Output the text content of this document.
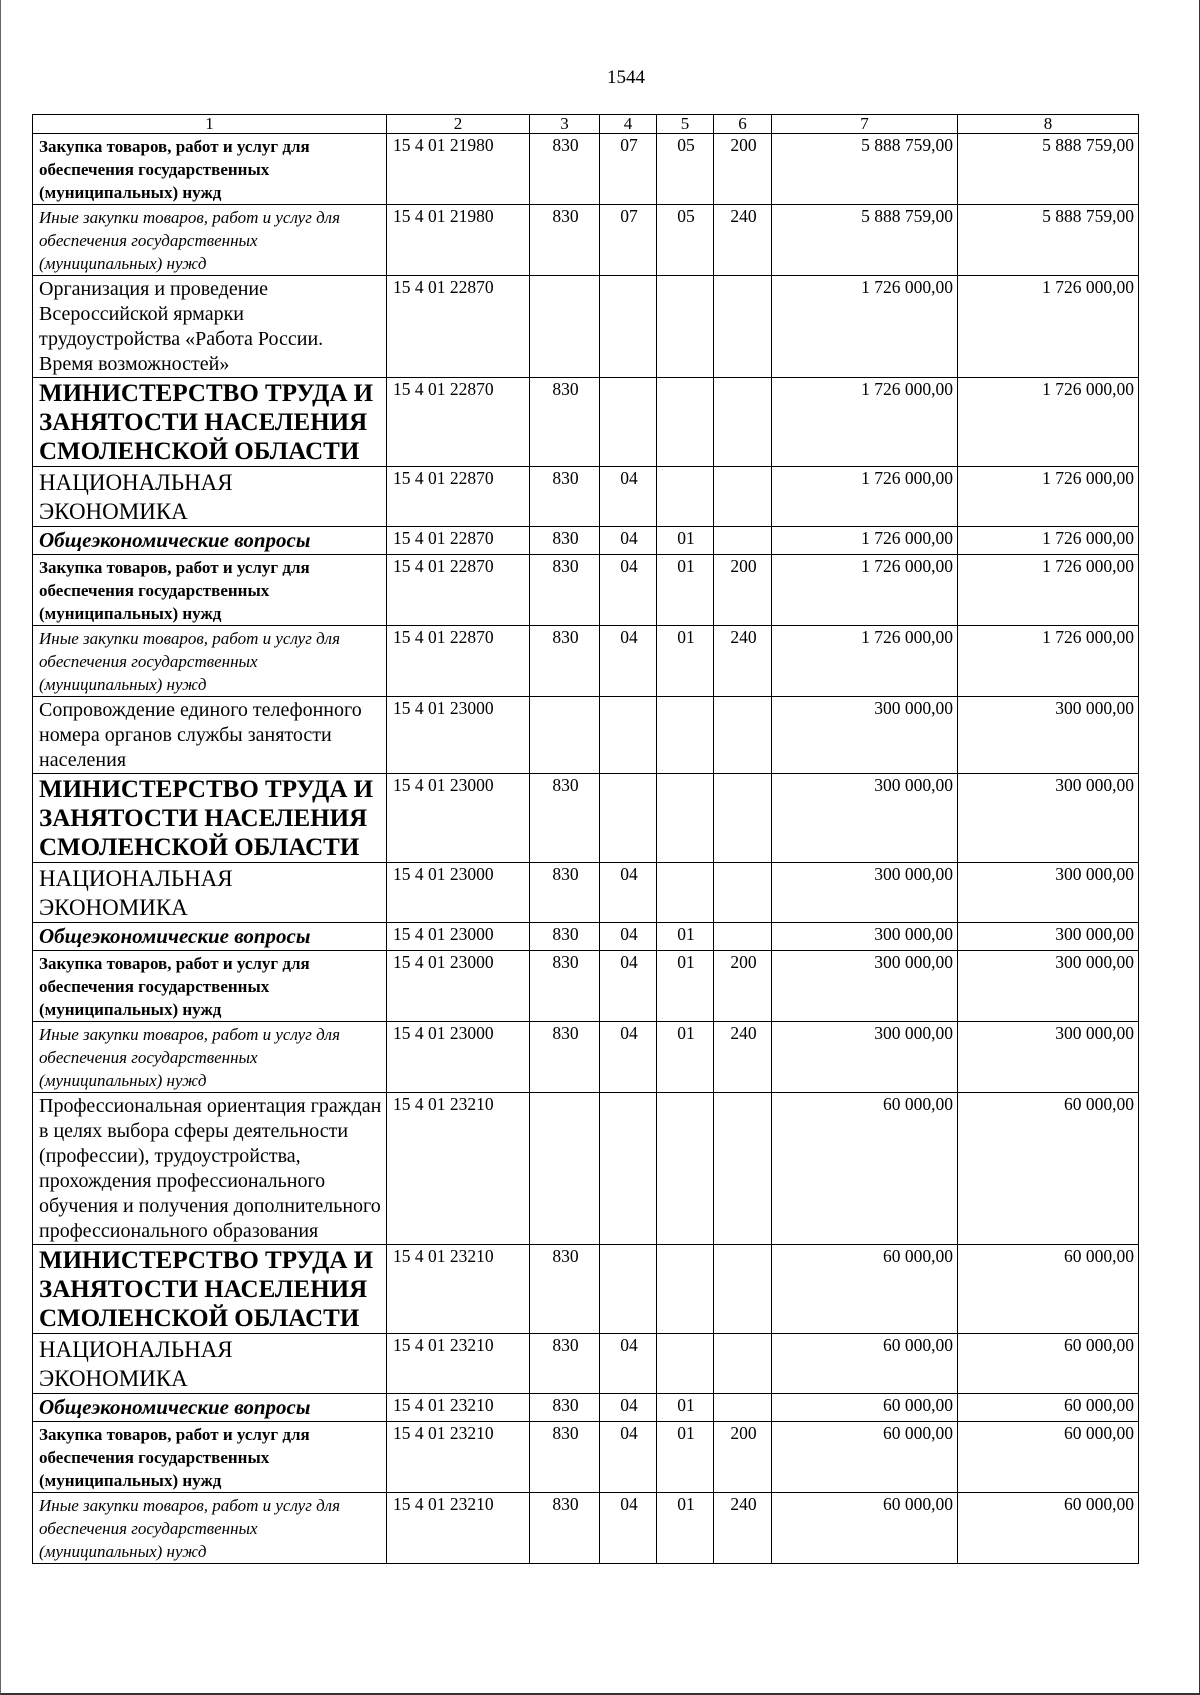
1544
1	2	3	4	5	6	7	8
Закупка товаров, работ и услуг для обеспечения государственных (муниципальных) нужд	15 4 01 21980	830	07	05	200	5 888 759,00	5 888 759,00
Иные закупки товаров, работ и услуг для обеспечения государственных (муниципальных) нужд	15 4 01 21980	830	07	05	240	5 888 759,00	5 888 759,00
Организация и проведение Всероссийской ярмарки трудоустройства «Работа России. Время возможностей»	15 4 01 22870					1 726 000,00	1 726 000,00
МИНИСТЕРСТВО ТРУДА И ЗАНЯТОСТИ НАСЕЛЕНИЯ СМОЛЕНСКОЙ ОБЛАСТИ	15 4 01 22870	830				1 726 000,00	1 726 000,00
НАЦИОНАЛЬНАЯ ЭКОНОМИКА	15 4 01 22870	830	04			1 726 000,00	1 726 000,00
Общеэкономические вопросы	15 4 01 22870	830	04	01		1 726 000,00	1 726 000,00
Закупка товаров, работ и услуг для обеспечения государственных (муниципальных) нужд	15 4 01 22870	830	04	01	200	1 726 000,00	1 726 000,00
Иные закупки товаров, работ и услуг для обеспечения государственных (муниципальных) нужд	15 4 01 22870	830	04	01	240	1 726 000,00	1 726 000,00
Сопровождение единого телефонного номера органов службы занятости населения	15 4 01 23000					300 000,00	300 000,00
МИНИСТЕРСТВО ТРУДА И ЗАНЯТОСТИ НАСЕЛЕНИЯ СМОЛЕНСКОЙ ОБЛАСТИ	15 4 01 23000	830				300 000,00	300 000,00
НАЦИОНАЛЬНАЯ ЭКОНОМИКА	15 4 01 23000	830	04			300 000,00	300 000,00
Общеэкономические вопросы	15 4 01 23000	830	04	01		300 000,00	300 000,00
Закупка товаров, работ и услуг для обеспечения государственных (муниципальных) нужд	15 4 01 23000	830	04	01	200	300 000,00	300 000,00
Иные закупки товаров, работ и услуг для обеспечения государственных (муниципальных) нужд	15 4 01 23000	830	04	01	240	300 000,00	300 000,00
Профессиональная ориентация граждан в целях выбора сферы деятельности (профессии), трудоустройства, прохождения профессионального обучения и получения дополнительного профессионального образования	15 4 01 23210					60 000,00	60 000,00
МИНИСТЕРСТВО ТРУДА И ЗАНЯТОСТИ НАСЕЛЕНИЯ СМОЛЕНСКОЙ ОБЛАСТИ	15 4 01 23210	830				60 000,00	60 000,00
НАЦИОНАЛЬНАЯ ЭКОНОМИКА	15 4 01 23210	830	04			60 000,00	60 000,00
Общеэкономические вопросы	15 4 01 23210	830	04	01		60 000,00	60 000,00
Закупка товаров, работ и услуг для обеспечения государственных (муниципальных) нужд	15 4 01 23210	830	04	01	200	60 000,00	60 000,00
Иные закупки товаров, работ и услуг для обеспечения государственных (муниципальных) нужд	15 4 01 23210	830	04	01	240	60 000,00	60 000,00
